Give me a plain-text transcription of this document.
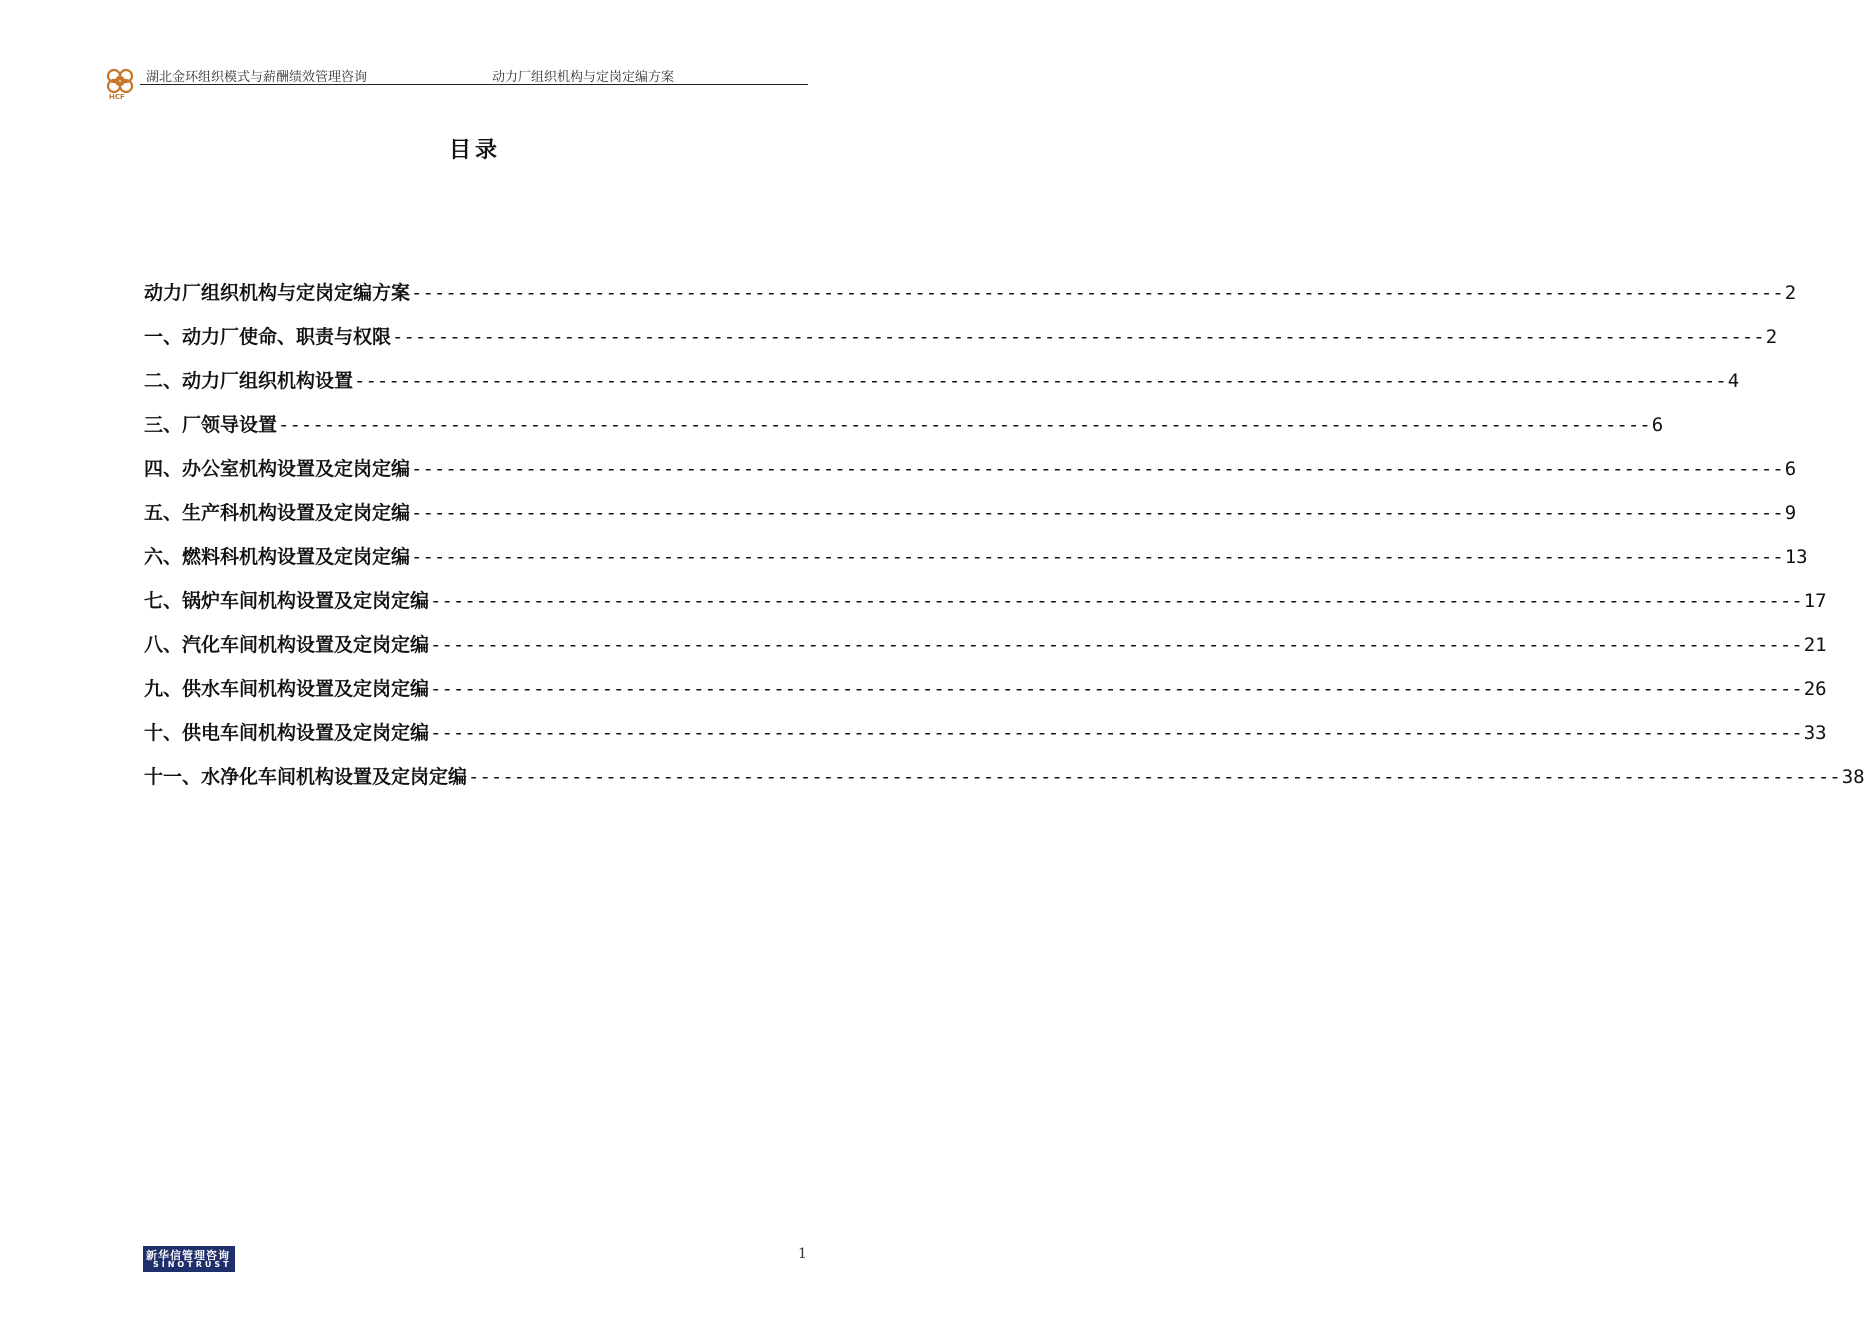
HCF
湖北金环组织模式与薪酬绩效管理咨询	动力厂组织机构与定岗定编方案
目录
动力厂组织机构与定岗定编方案 ------------------------------------------------------------------------------------------------------------------------ 2
一、 动力厂使命、职责与权限 ------------------------------------------------------------------------------------------------------------------------ 2
二、 动力厂组织机构设置 ------------------------------------------------------------------------------------------------------------------------ 4
三、 厂领导设置 ------------------------------------------------------------------------------------------------------------------------ 6
四、 办公室机构设置及定岗定编 ------------------------------------------------------------------------------------------------------------------------ 6
五、 生产科机构设置及定岗定编 ------------------------------------------------------------------------------------------------------------------------ 9
六、 燃料科机构设置及定岗定编 ------------------------------------------------------------------------------------------------------------------------ 13
七、 锅炉车间机构设置及定岗定编 ------------------------------------------------------------------------------------------------------------------------ 17
八、 汽化车间机构设置及定岗定编 ------------------------------------------------------------------------------------------------------------------------ 21
九、 供水车间机构设置及定岗定编 ------------------------------------------------------------------------------------------------------------------------ 26
十、 供电车间机构设置及定岗定编 ------------------------------------------------------------------------------------------------------------------------ 33
十一、 水净化车间机构设置及定岗定编 ------------------------------------------------------------------------------------------------------------------------ 38
新华信管理咨询
SINOTRUST
1
